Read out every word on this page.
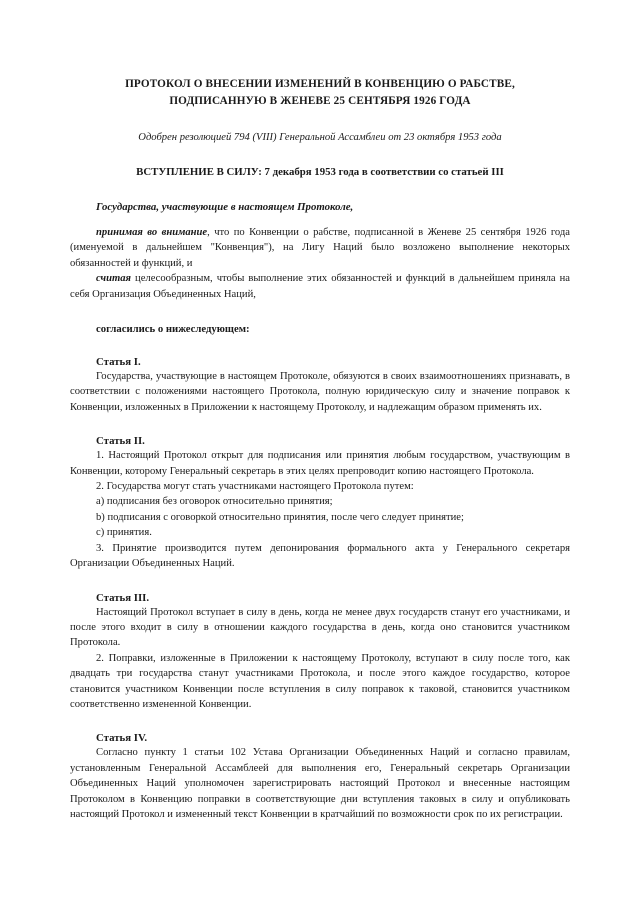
ПРОТОКОЛ О ВНЕСЕНИИ ИЗМЕНЕНИЙ В КОНВЕНЦИЮ О РАБСТВЕ,
ПОДПИСАННУЮ В ЖЕНЕВЕ 25 СЕНТЯБРЯ 1926 ГОДА

Одобрен резолюцией 794 (VIII) Генеральной Ассамблеи от 23 октября 1953 года

ВСТУПЛЕНИЕ В СИЛУ: 7 декабря 1953 года в соответствии со статьей III

Государства, участвующие в настоящем Протоколе,

принимая во внимание, что по Конвенции о рабстве, подписанной в Женеве 25 сентября 1926 года (именуемой в дальнейшем "Конвенция"), на Лигу Наций было возложено выполнение некоторых обязанностей и функций, и

считая целесообразным, чтобы выполнение этих обязанностей и функций в дальнейшем приняла на себя Организация Объединенных Наций,

согласились о нижеследующем:

Статья I.

Государства, участвующие в настоящем Протоколе, обязуются в своих взаимоотношениях признавать, в соответствии с положениями настоящего Протокола, полную юридическую силу и значение поправок к Конвенции, изложенных в Приложении к настоящему Протоколу, и надлежащим образом применять их.

Статья II.

1. Настоящий Протокол открыт для подписания или принятия любым государством, участвующим в Конвенции, которому Генеральный секретарь в этих целях препроводит копию настоящего Протокола.

2. Государства могут стать участниками настоящего Протокола путем:

a) подписания без оговорок относительно принятия;

b) подписания с оговоркой относительно принятия, после чего следует принятие;

c) принятия.

3. Принятие производится путем депонирования формального акта у Генерального секретаря Организации Объединенных Наций.

Статья III.

Настоящий Протокол вступает в силу в день, когда не менее двух государств станут его участниками, и после этого входит в силу в отношении каждого государства в день, когда оно становится участником Протокола.

2. Поправки, изложенные в Приложении к настоящему Протоколу, вступают в силу после того, как двадцать три государства станут участниками Протокола, и после этого каждое государство, которое становится участником Конвенции после вступления в силу поправок к таковой, становится участником соответственно измененной Конвенции.

Статья IV.

Согласно пункту 1 статьи 102 Устава Организации Объединенных Наций и согласно правилам, установленным Генеральной Ассамблеей для выполнения его, Генеральный секретарь Организации Объединенных Наций уполномочен зарегистрировать настоящий Протокол и внесенные настоящим Протоколом в Конвенцию поправки в соответствующие дни вступления таковых в силу и опубликовать настоящий Протокол и измененный текст Конвенции в кратчайший по возможности срок по их регистрации.
